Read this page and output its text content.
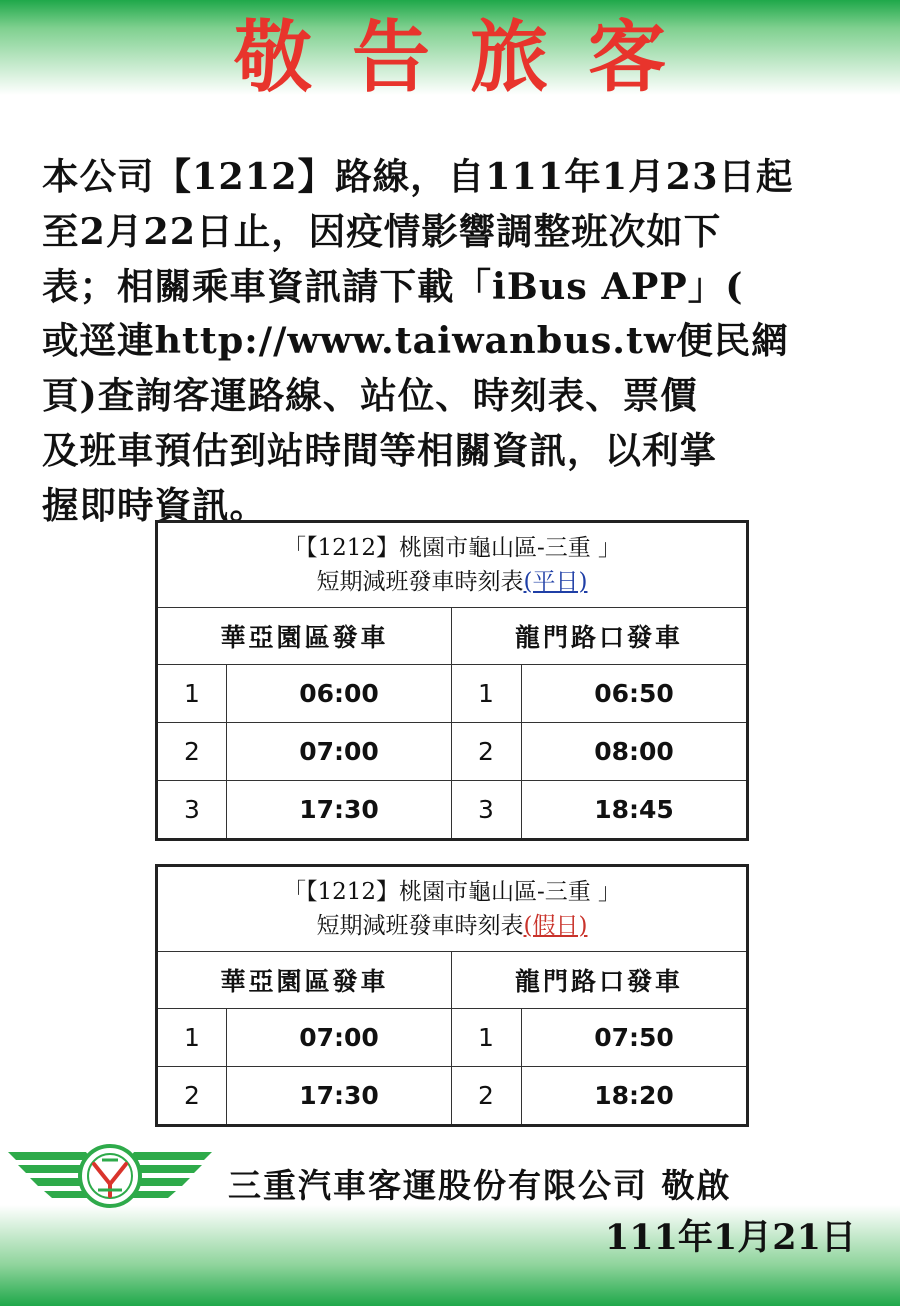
敬告旅客
本公司【1212】路線，自111年1月23日起
至2月22日止，因疫情影響調整班次如下
表；相關乘車資訊請下載「iBus APP」(
或逕連http://www.taiwanbus.tw便民網
頁)查詢客運路線、站位、時刻表、票價
及班車預估到站時間等相關資訊，以利掌
握即時資訊。
「【1212】桃園市龜山區-三重 」
短期減班發車時刻表(平日)			

華亞園區發車		龍門路口發車	
1	06:00	1	06:50
2	07:00	2	08:00
3	17:30	3	18:45
「【1212】桃園市龜山區-三重 」
短期減班發車時刻表(假日)			

華亞園區發車		龍門路口發車	
1	07:00	1	07:50
2	17:30	2	18:20
三重汽車客運股份有限公司 敬啟
111年1月21日
